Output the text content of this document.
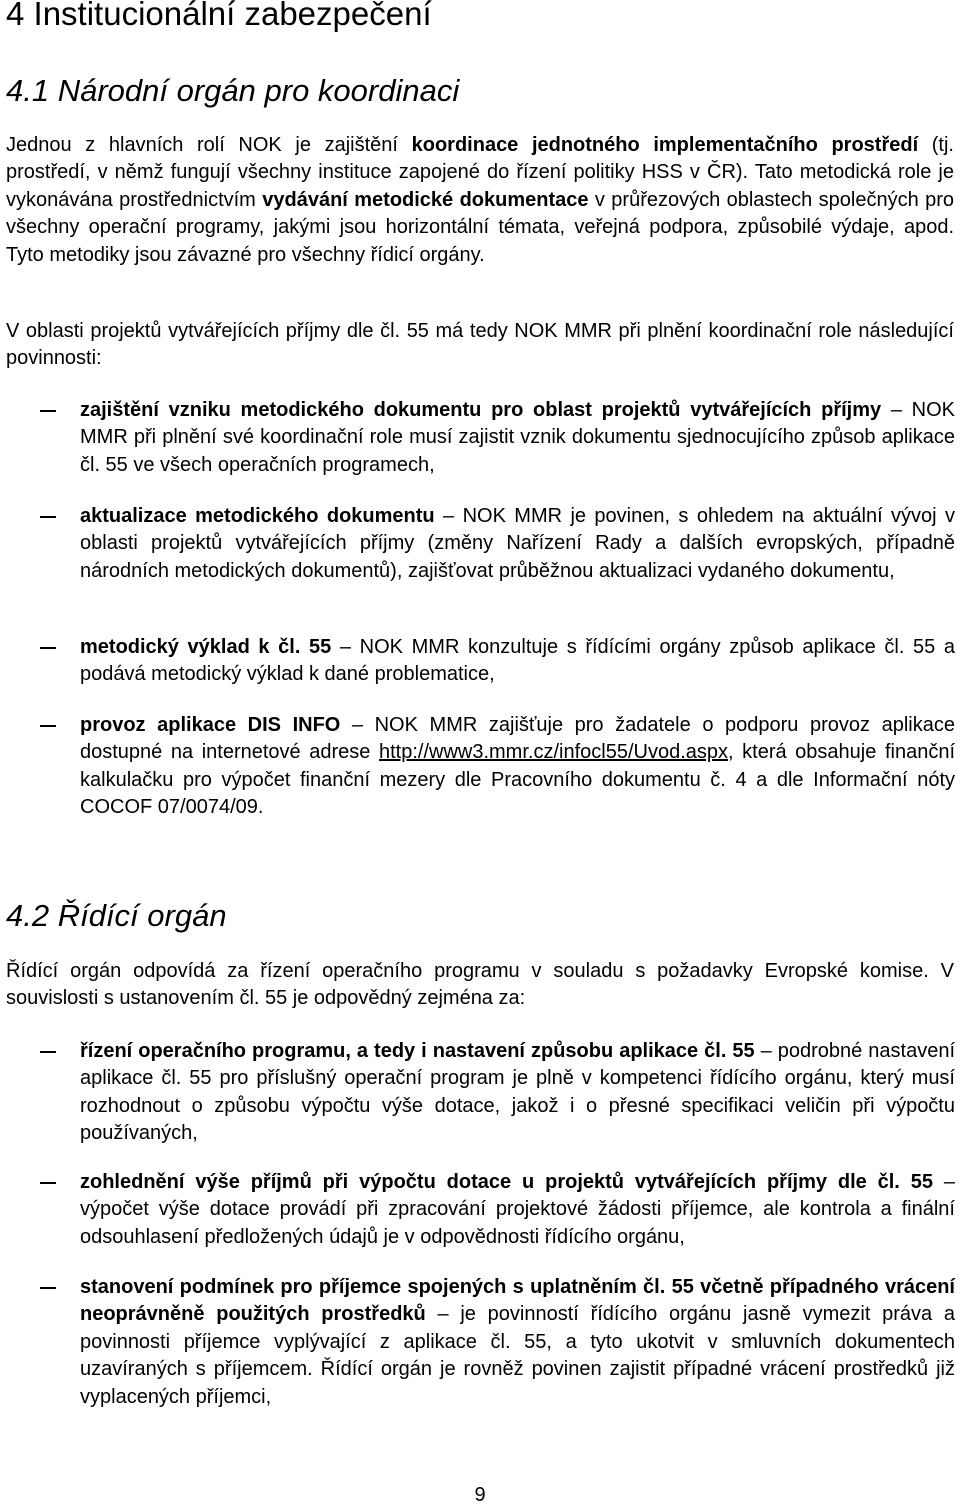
4 Institucionální zabezpečení
4.1 Národní orgán pro koordinaci

Jednou z hlavních rolí NOK je zajištění koordinace jednotného implementačního prostředí (tj. prostředí, v němž fungují všechny instituce zapojené do řízení politiky HSS v ČR). Tato metodická role je vykonávána prostřednictvím vydávání metodické dokumentace v průřezových oblastech společných pro všechny operační programy, jakými jsou horizontální témata, veřejná podpora, způsobilé výdaje, apod. Tyto metodiky jsou závazné pro všechny řídicí orgány.

V oblasti projektů vytvářejících příjmy dle čl. 55 má tedy NOK MMR při plnění koordinační role následující povinnosti:

zajištění vzniku metodického dokumentu pro oblast projektů vytvářejících příjmy – NOK MMR při plnění své koordinační role musí zajistit vznik dokumentu sjednocujícího způsob aplikace čl. 55 ve všech operačních programech,

aktualizace metodického dokumentu – NOK MMR je povinen, s ohledem na aktuální vývoj v oblasti projektů vytvářejících příjmy (změny Nařízení Rady a dalších evropských, případně národních metodických dokumentů), zajišťovat průběžnou aktualizaci vydaného dokumentu,

metodický výklad k čl. 55 – NOK MMR konzultuje s řídícími orgány způsob aplikace čl. 55 a podává metodický výklad k dané problematice,

provoz aplikace DIS INFO – NOK MMR zajišťuje pro žadatele o podporu provoz aplikace dostupné na internetové adrese http://www3.mmr.cz/infocl55/Uvod.aspx, která obsahuje finanční kalkulačku pro výpočet finanční mezery dle Pracovního dokumentu č. 4 a dle Informační nóty COCOF 07/0074/09.

4.2 Řídící orgán

Řídící orgán odpovídá za řízení operačního programu v souladu s požadavky Evropské komise. V souvislosti s ustanovením čl. 55 je odpovědný zejména za:

řízení operačního programu, a tedy i nastavení způsobu aplikace čl. 55 – podrobné nastavení aplikace čl. 55 pro příslušný operační program je plně v kompetenci řídícího orgánu, který musí rozhodnout o způsobu výpočtu výše dotace, jakož i o přesné specifikaci veličin při výpočtu používaných,

zohlednění výše příjmů při výpočtu dotace u projektů vytvářejících příjmy dle čl. 55 – výpočet výše dotace provádí při zpracování projektové žádosti příjemce, ale kontrola a finální odsouhlasení předložených údajů je v odpovědnosti řídícího orgánu,

stanovení podmínek pro příjemce spojených s uplatněním čl. 55 včetně případného vrácení neoprávněně použitých prostředků – je povinností řídícího orgánu jasně vymezit práva a povinnosti příjemce vyplývající z aplikace čl. 55, a tyto ukotvit v smluvních dokumentech uzavíraných s příjemcem. Řídící orgán je rovněž povinen zajistit případné vrácení prostředků již vyplacených příjemci,

9
